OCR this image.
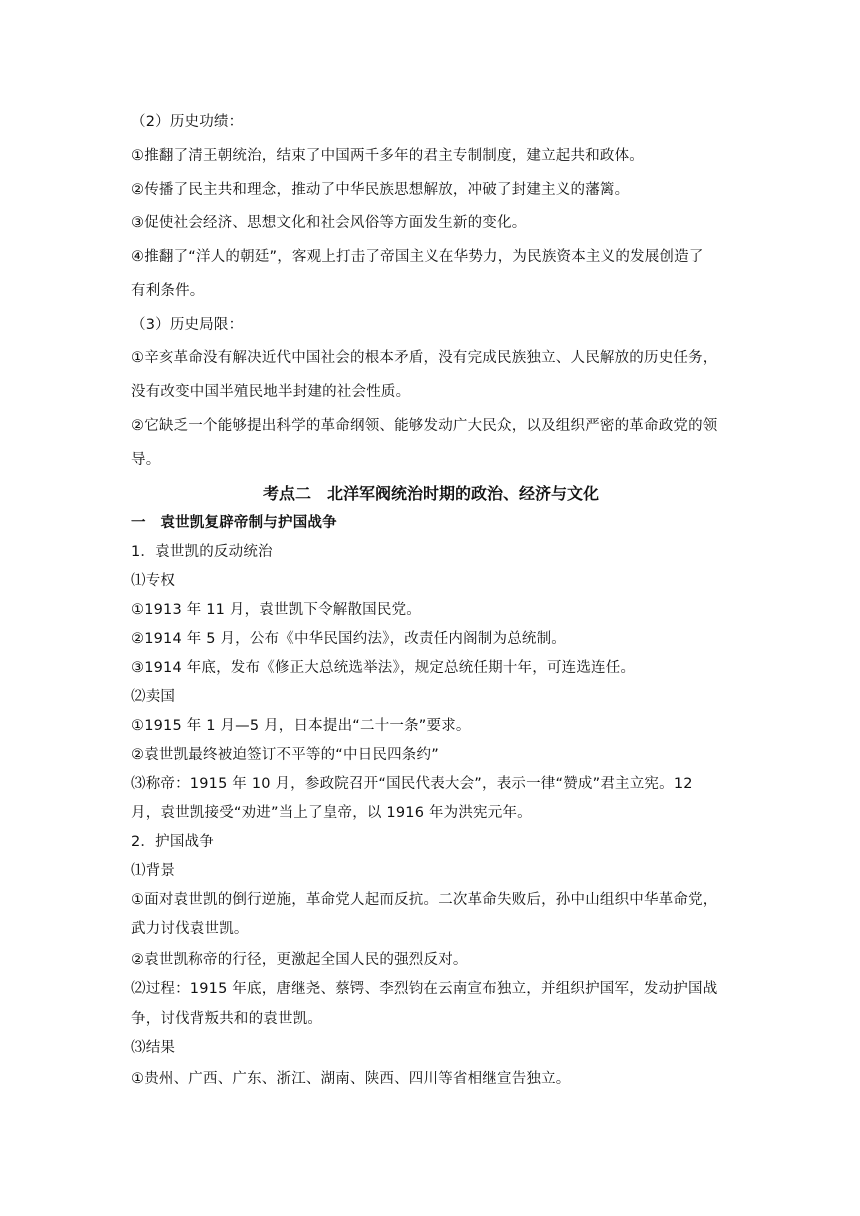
（2）历史功绩：
①推翻了清王朝统治，结束了中国两千多年的君主专制制度，建立起共和政体。
②传播了民主共和理念，推动了中华民族思想解放，冲破了封建主义的藩篱。
③促使社会经济、思想文化和社会风俗等方面发生新的变化。
④推翻了“洋人的朝廷”，客观上打击了帝国主义在华势力，为民族资本主义的发展创造了
有利条件。
（3）历史局限：
①辛亥革命没有解决近代中国社会的根本矛盾，没有完成民族独立、人民解放的历史任务，
没有改变中国半殖民地半封建的社会性质。
②它缺乏一个能够提出科学的革命纲领、能够发动广大民众，以及组织严密的革命政党的领
导。
考点二　北洋军阀统治时期的政治、经济与文化
一　袁世凯复辟帝制与护国战争
1．袁世凯的反动统治
⑴专权
①1913 年 11 月，袁世凯下令解散国民党。
②1914 年 5 月，公布《中华民国约法》，改责任内阁制为总统制。
③1914 年底，发布《修正大总统选举法》，规定总统任期十年，可连选连任。
⑵卖国
①1915 年 1 月—5 月，日本提出“二十一条”要求。
②袁世凯最终被迫签订不平等的“中日民四条约”
⑶称帝：1915 年 10 月，参政院召开“国民代表大会”，表示一律“赞成”君主立宪。12
月，袁世凯接受“劝进”当上了皇帝，以 1916 年为洪宪元年。
2．护国战争
⑴背景
①面对袁世凯的倒行逆施，革命党人起而反抗。二次革命失败后，孙中山组织中华革命党，
武力讨伐袁世凯。
②袁世凯称帝的行径，更激起全国人民的强烈反对。
⑵过程：1915 年底，唐继尧、蔡锷、李烈钧在云南宣布独立，并组织护国军，发动护国战
争，讨伐背叛共和的袁世凯。
⑶结果
①贵州、广西、广东、浙江、湖南、陕西、四川等省相继宣告独立。
